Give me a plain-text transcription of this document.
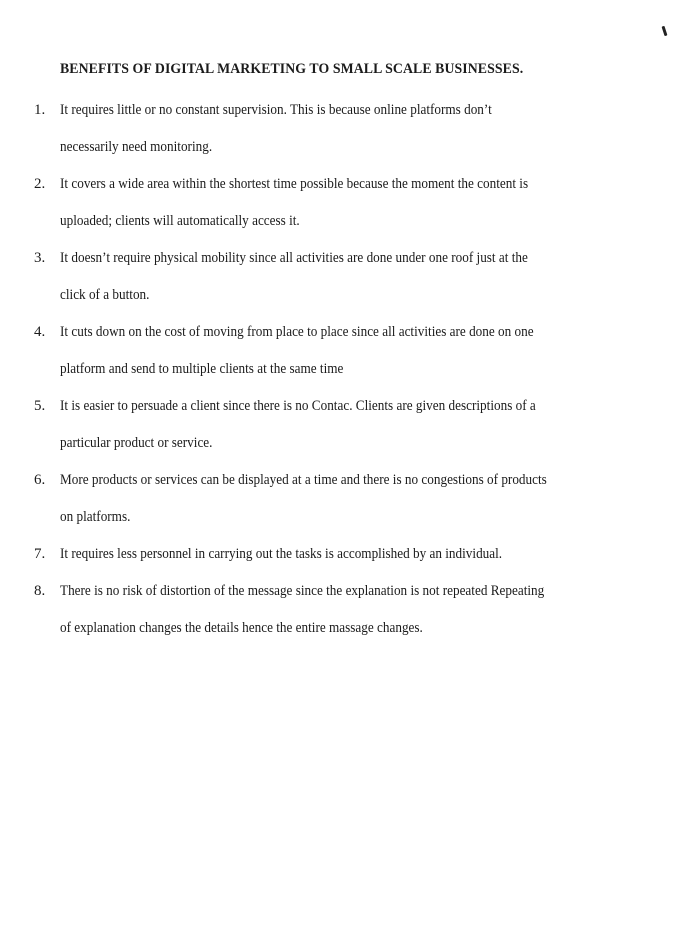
BENEFITS OF DIGITAL MARKETING TO SMALL SCALE BUSINESSES.
1. It requires little or no constant supervision. This is because online platforms don’t
necessarily need monitoring.
2. It covers a wide area within the shortest time possible because the moment the content is
uploaded; clients will automatically access it.
3. It doesn’t require physical mobility since all activities are done under one roof just at the
click of a button.
4. It cuts down on the cost of moving from place to place since all activities are done on one
platform and send to multiple clients at the same time
5. It is easier to persuade a client since there is no Contac. Clients are given descriptions of a
particular product or service.
6. More products or services can be displayed at a time and there is no congestions of products
on platforms.
7. It requires less personnel in carrying out the tasks is accomplished by an individual.
8. There is no risk of distortion of the message since the explanation is not repeated Repeating
of explanation changes the details hence the entire massage changes.
